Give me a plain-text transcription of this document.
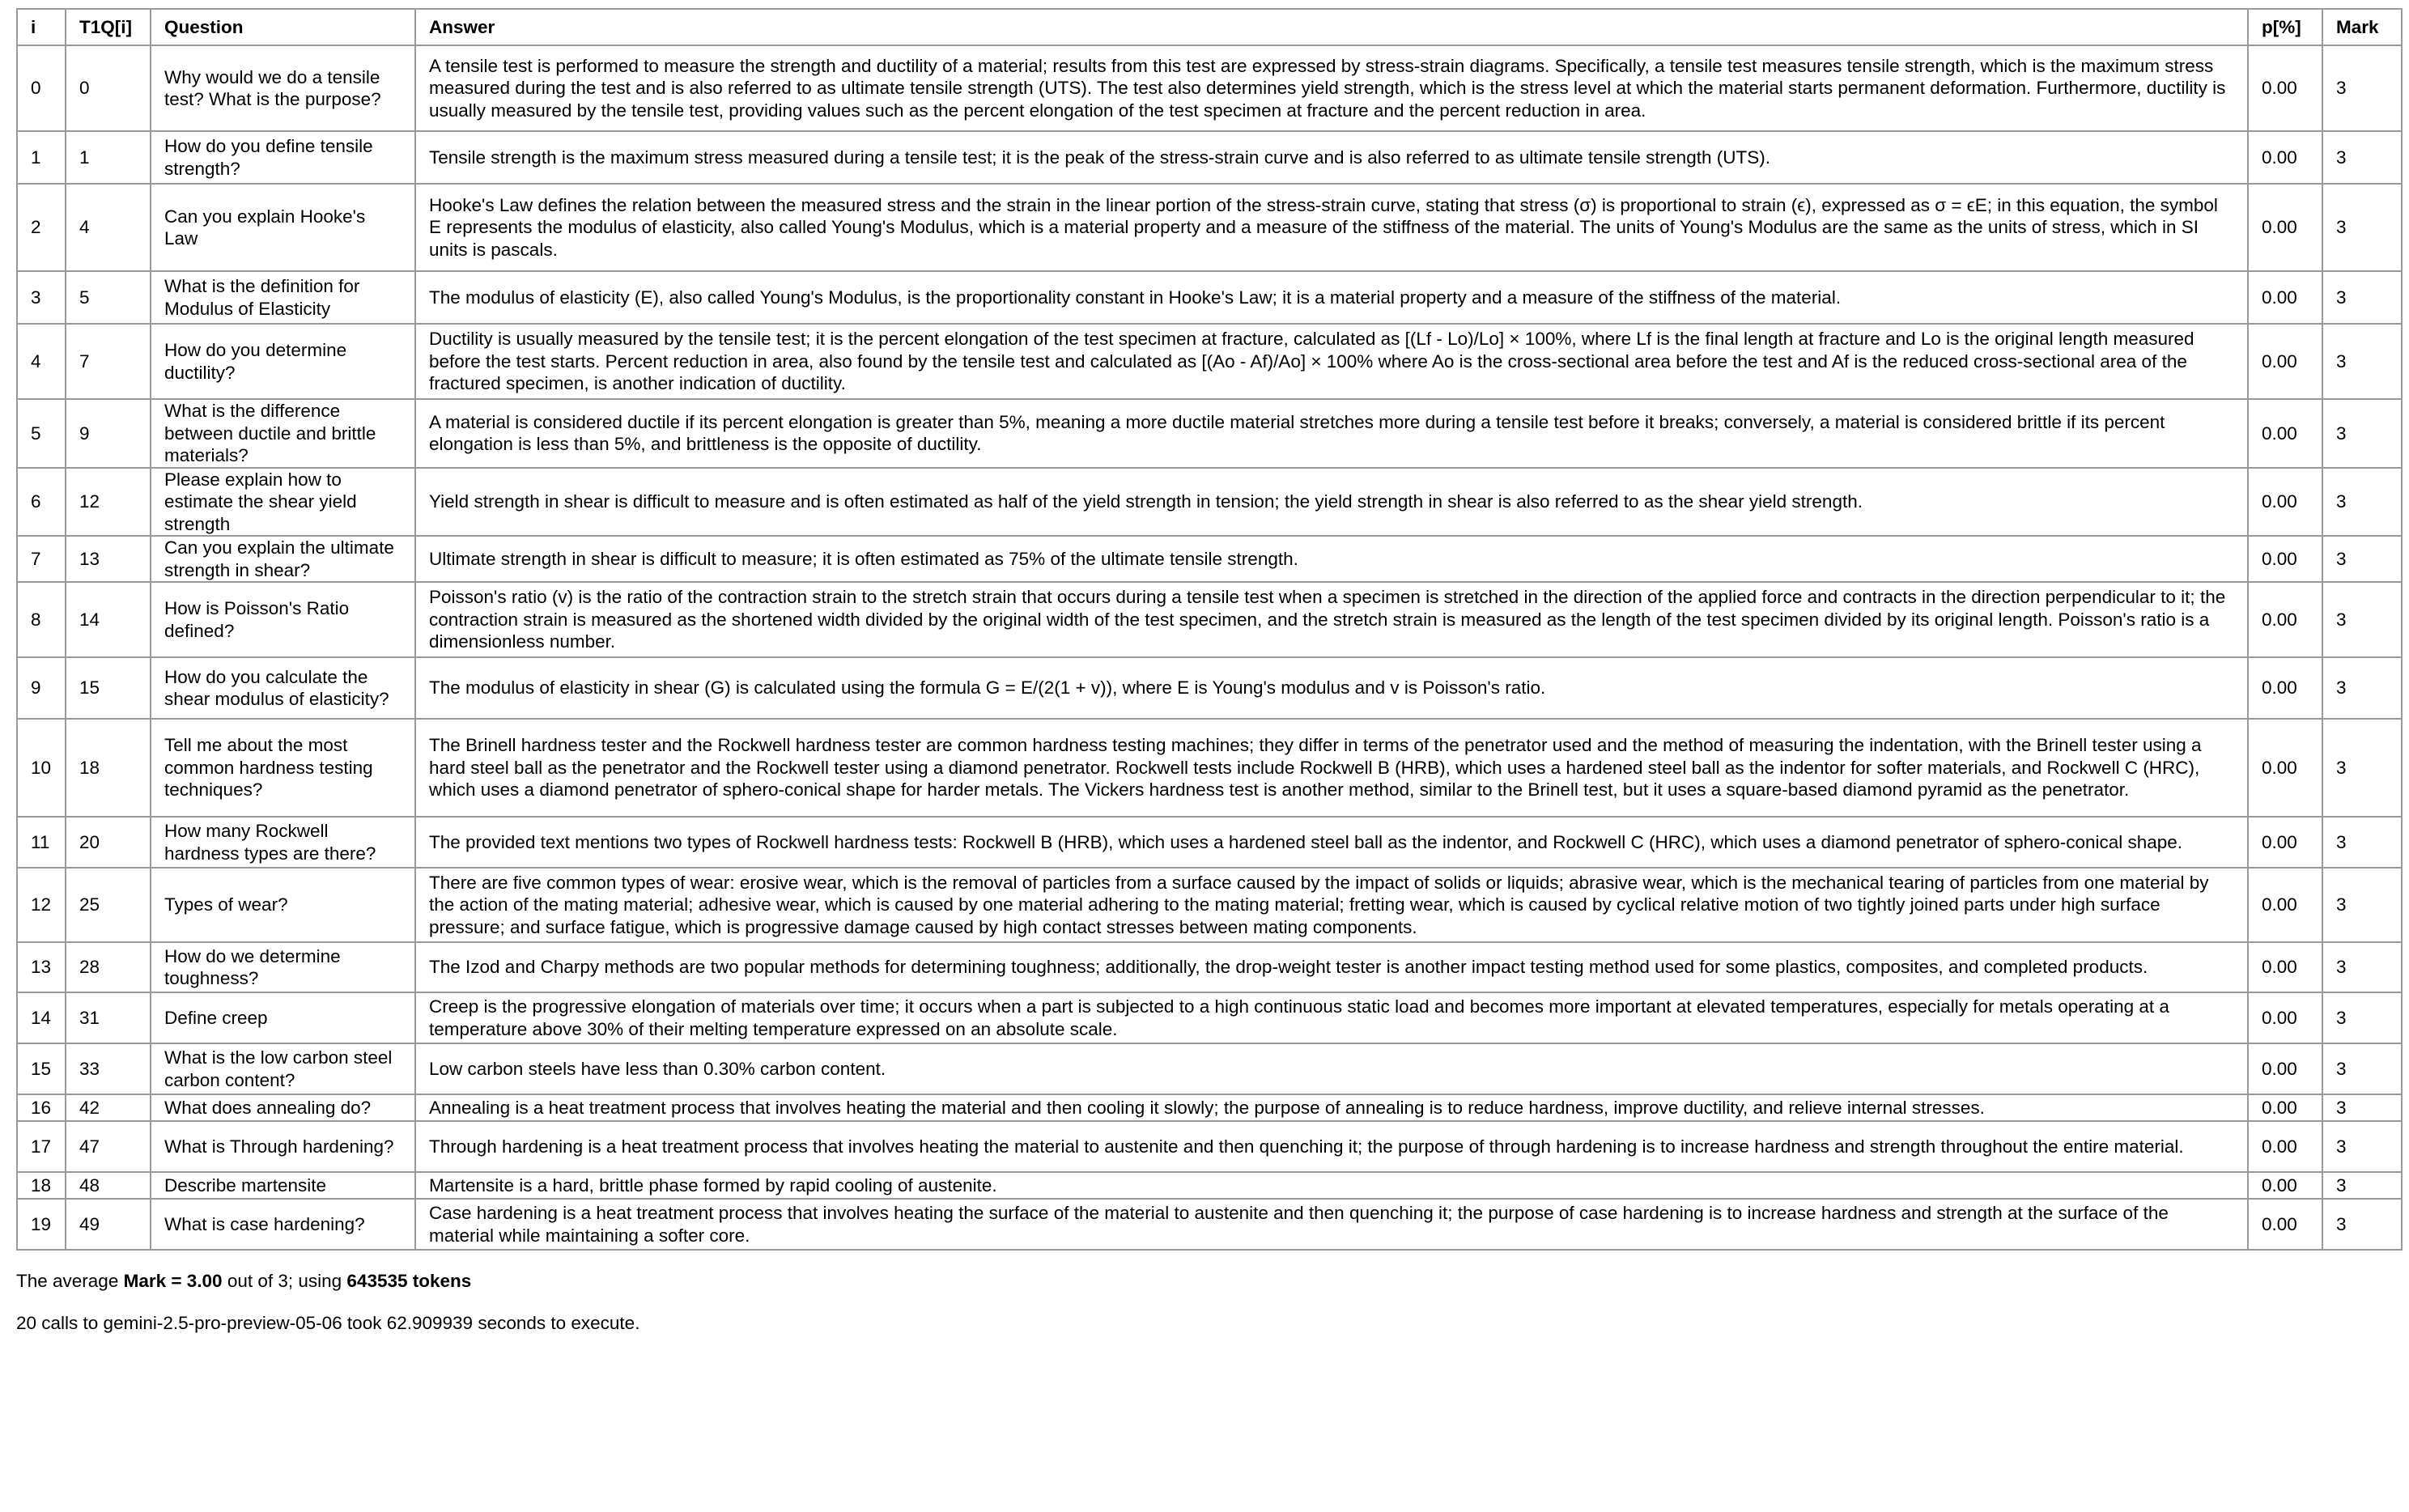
i	T1Q[i]	Question	Answer	p[%]	Mark
0	0	Why would we do a tensile test? What is the purpose?	A tensile test is performed to measure the strength and ductility of a material; results from this test are expressed by stress-strain diagrams. Specifically, a tensile test measures tensile strength, which is the maximum stress measured during the test and is also referred to as ultimate tensile strength (UTS). The test also determines yield strength, which is the stress level at which the material starts permanent deformation. Furthermore, ductility is usually measured by the tensile test, providing values such as the percent elongation of the test specimen at fracture and the percent reduction in area.	0.00	3
1	1	How do you define tensile strength?	Tensile strength is the maximum stress measured during a tensile test; it is the peak of the stress-strain curve and is also referred to as ultimate tensile strength (UTS).	0.00	3
2	4	Can you explain Hooke's Law	Hooke's Law defines the relation between the measured stress and the strain in the linear portion of the stress-strain curve, stating that stress (σ) is proportional to strain (ϵ), expressed as σ = ϵE; in this equation, the symbol E represents the modulus of elasticity, also called Young's Modulus, which is a material property and a measure of the stiffness of the material. The units of Young's Modulus are the same as the units of stress, which in SI units is pascals.	0.00	3
3	5	What is the definition for Modulus of Elasticity	The modulus of elasticity (E), also called Young's Modulus, is the proportionality constant in Hooke's Law; it is a material property and a measure of the stiffness of the material.	0.00	3
4	7	How do you determine ductility?	Ductility is usually measured by the tensile test; it is the percent elongation of the test specimen at fracture, calculated as [(Lf - Lo)/Lo] × 100%, where Lf is the final length at fracture and Lo is the original length measured before the test starts. Percent reduction in area, also found by the tensile test and calculated as [(Ao - Af)/Ao] × 100% where Ao is the cross-sectional area before the test and Af is the reduced cross-sectional area of the fractured specimen, is another indication of ductility.	0.00	3
5	9	What is the difference between ductile and brittle materials?	A material is considered ductile if its percent elongation is greater than 5%, meaning a more ductile material stretches more during a tensile test before it breaks; conversely, a material is considered brittle if its percent elongation is less than 5%, and brittleness is the opposite of ductility.	0.00	3
6	12	Please explain how to estimate the shear yield strength	Yield strength in shear is difficult to measure and is often estimated as half of the yield strength in tension; the yield strength in shear is also referred to as the shear yield strength.	0.00	3
7	13	Can you explain the ultimate strength in shear?	Ultimate strength in shear is difficult to measure; it is often estimated as 75% of the ultimate tensile strength.	0.00	3
8	14	How is Poisson's Ratio defined?	Poisson's ratio (v) is the ratio of the contraction strain to the stretch strain that occurs during a tensile test when a specimen is stretched in the direction of the applied force and contracts in the direction perpendicular to it; the contraction strain is measured as the shortened width divided by the original width of the test specimen, and the stretch strain is measured as the length of the test specimen divided by its original length. Poisson's ratio is a dimensionless number.	0.00	3
9	15	How do you calculate the shear modulus of elasticity?	The modulus of elasticity in shear (G) is calculated using the formula G = E/(2(1 + v)), where E is Young's modulus and v is Poisson's ratio.	0.00	3
10	18	Tell me about the most common hardness testing techniques?	The Brinell hardness tester and the Rockwell hardness tester are common hardness testing machines; they differ in terms of the penetrator used and the method of measuring the indentation, with the Brinell tester using a hard steel ball as the penetrator and the Rockwell tester using a diamond penetrator. Rockwell tests include Rockwell B (HRB), which uses a hardened steel ball as the indentor for softer materials, and Rockwell C (HRC), which uses a diamond penetrator of sphero-conical shape for harder metals. The Vickers hardness test is another method, similar to the Brinell test, but it uses a square-based diamond pyramid as the penetrator.	0.00	3
11	20	How many Rockwell hardness types are there?	The provided text mentions two types of Rockwell hardness tests: Rockwell B (HRB), which uses a hardened steel ball as the indentor, and Rockwell C (HRC), which uses a diamond penetrator of sphero-conical shape.	0.00	3
12	25	Types of wear?	There are five common types of wear: erosive wear, which is the removal of particles from a surface caused by the impact of solids or liquids; abrasive wear, which is the mechanical tearing of particles from one material by the action of the mating material; adhesive wear, which is caused by one material adhering to the mating material; fretting wear, which is caused by cyclical relative motion of two tightly joined parts under high surface pressure; and surface fatigue, which is progressive damage caused by high contact stresses between mating components.	0.00	3
13	28	How do we determine toughness?	The Izod and Charpy methods are two popular methods for determining toughness; additionally, the drop-weight tester is another impact testing method used for some plastics, composites, and completed products.	0.00	3
14	31	Define creep	Creep is the progressive elongation of materials over time; it occurs when a part is subjected to a high continuous static load and becomes more important at elevated temperatures, especially for metals operating at a temperature above 30% of their melting temperature expressed on an absolute scale.	0.00	3
15	33	What is the low carbon steel carbon content?	Low carbon steels have less than 0.30% carbon content.	0.00	3
16	42	What does annealing do?	Annealing is a heat treatment process that involves heating the material and then cooling it slowly; the purpose of annealing is to reduce hardness, improve ductility, and relieve internal stresses.	0.00	3
17	47	What is Through hardening?	Through hardening is a heat treatment process that involves heating the material to austenite and then quenching it; the purpose of through hardening is to increase hardness and strength throughout the entire material.	0.00	3
18	48	Describe martensite	Martensite is a hard, brittle phase formed by rapid cooling of austenite.	0.00	3
19	49	What is case hardening?	Case hardening is a heat treatment process that involves heating the surface of the material to austenite and then quenching it; the purpose of case hardening is to increase hardness and strength at the surface of the material while maintaining a softer core.	0.00	3
The average Mark = 3.00 out of 3; using 643535 tokens
20 calls to gemini-2.5-pro-preview-05-06 took 62.909939 seconds to execute.
